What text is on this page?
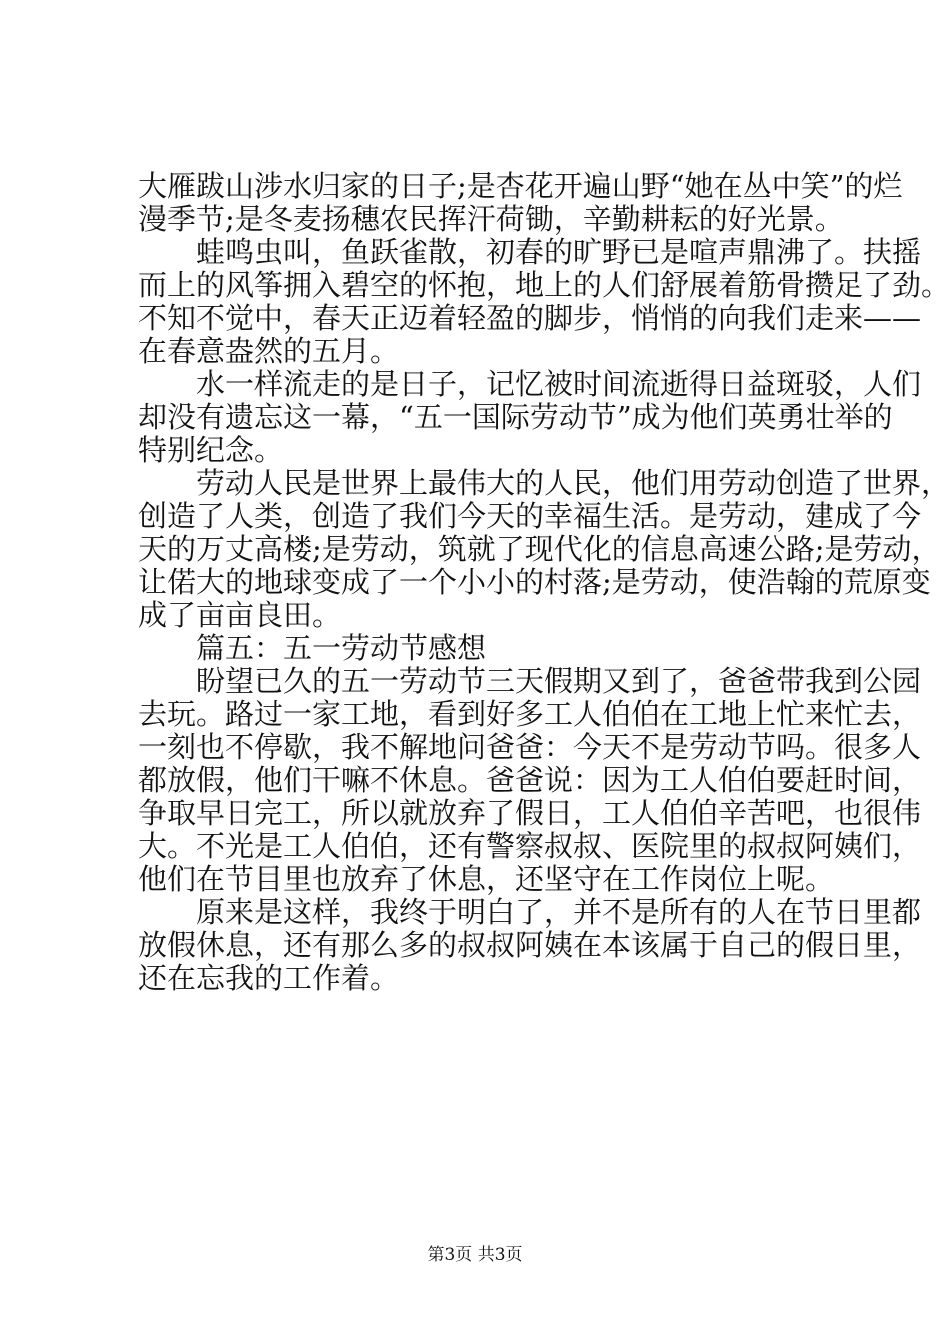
大雁跋山涉水归家的日子;是杏花开遍山野“她在丛中笑”的烂
漫季节;是冬麦扬穗农民挥汗荷锄，辛勤耕耘的好光景。
　　蛙鸣虫叫，鱼跃雀散，初春的旷野已是喧声鼎沸了。扶摇
而上的风筝拥入碧空的怀抱，地上的人们舒展着筋骨攒足了劲。
不知不觉中，春天正迈着轻盈的脚步，悄悄的向我们走来——
在春意盎然的五月。
　　水一样流走的是日子，记忆被时间流逝得日益斑驳，人们
却没有遗忘这一幕，“五一国际劳动节”成为他们英勇壮举的
特别纪念。
　　劳动人民是世界上最伟大的人民，他们用劳动创造了世界，
创造了人类，创造了我们今天的幸福生活。是劳动，建成了今
天的万丈高楼;是劳动，筑就了现代化的信息高速公路;是劳动，
让偌大的地球变成了一个小小的村落;是劳动，使浩翰的荒原变
成了亩亩良田。
　　篇五：五一劳动节感想
　　盼望已久的五一劳动节三天假期又到了，爸爸带我到公园
去玩。路过一家工地，看到好多工人伯伯在工地上忙来忙去，
一刻也不停歇，我不解地问爸爸：今天不是劳动节吗。很多人
都放假，他们干嘛不休息。爸爸说：因为工人伯伯要赶时间，
争取早日完工，所以就放弃了假日，工人伯伯辛苦吧，也很伟
大。不光是工人伯伯，还有警察叔叔、医院里的叔叔阿姨们，
他们在节目里也放弃了休息，还坚守在工作岗位上呢。
　　原来是这样，我终于明白了，并不是所有的人在节日里都
放假休息，还有那么多的叔叔阿姨在本该属于自己的假日里，
还在忘我的工作着。
第3页 共3页
